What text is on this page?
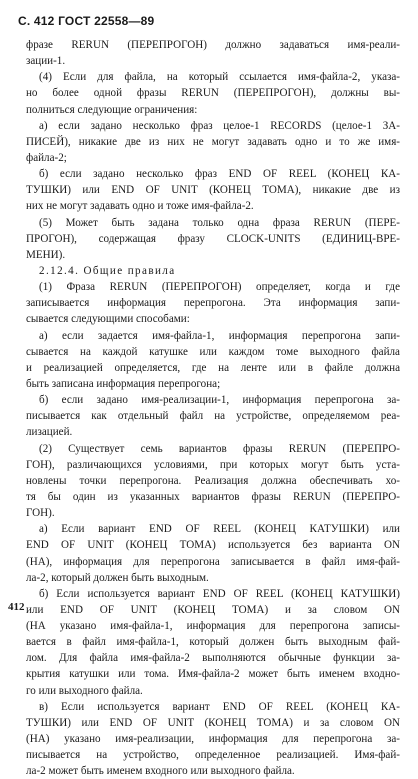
С. 412 ГОСТ 22558—89
фразе RERUN (ПЕРЕПРОГОН) должно задаваться имя-реали-
зации-1.
(4) Если для файла, на который ссылается имя-файла-2, указа-
но более одной фразы RERUN (ПЕРЕПРОГОН), должны вы-
полниться следующие ограничения:
а) если задано несколько фраз целое-1 RECORDS (целое-1 ЗА-
ПИСЕЙ), никакие две из них не могут задавать одно и то же имя-
файла-2;
б) если задано несколько фраз END OF REEL (КОНЕЦ КА-
ТУШКИ) или END OF UNIT (КОНЕЦ ТОМА), никакие две из
них не могут задавать одно и тоже имя-файла-2.
(5) Может быть задана только одна фраза RERUN (ПЕРЕ-
ПРОГОН), содержащая фразу CLOCK-UNITS (ЕДИНИЦ-ВРЕ-
МЕНИ).
2.12.4. Общие правила
(1) Фраза RERUN (ПЕРЕПРОГОН) определяет, когда и где
записывается информация перепрогона. Эта информация запи-
сывается следующими способами:
а) если задается имя-файла-1, информация перепрогона запи-
сывается на каждой катушке или каждом томе выходного файла
и реализацией определяется, где на ленте или в файле должна
быть записана информация перепрогона;
б) если задано имя-реализации-1, информация перепрогона за-
писывается как отдельный файл на устройстве, определяемом реа-
лизацией.
(2) Существует семь вариантов фразы RERUN (ПЕРЕПРО-
ГОН), различающихся условиями, при которых могут быть уста-
новлены точки перепрогона. Реализация должна обеспечивать хо-
тя бы один из указанных вариантов фразы RERUN (ПЕРЕПРО-
ГОН).
а) Если вариант END OF REEL (КОНЕЦ КАТУШКИ) или
END OF UNIT (КОНЕЦ ТОМА) используется без варианта ON
(НА), информация для перепрогона записывается в файл имя-фай-
ла-2, который должен быть выходным.
б) Если используется вариант END OF REEL (КОНЕЦ КАТУШКИ)
или END OF UNIT (КОНЕЦ ТОМА) и за словом ON
(НА указано имя-файла-1, информация для перепрогона записы-
вается в файл имя-файла-1, который должен быть выходным фай-
лом. Для файла имя-файла-2 выполняются обычные функции за-
крытия катушки или тома. Имя-файла-2 может быть именем входно-
го или выходного файла.
в) Если используется вариант END OF REEL (КОНЕЦ КА-
ТУШКИ) или END OF UNIT (КОНЕЦ ТОМА) и за словом ON
(НА) указано имя-реализации, информация для перепрогона за-
писывается на устройство, определенное реализацией. Имя-фай-
ла-2 может быть именем входного или выходного файла.
412
